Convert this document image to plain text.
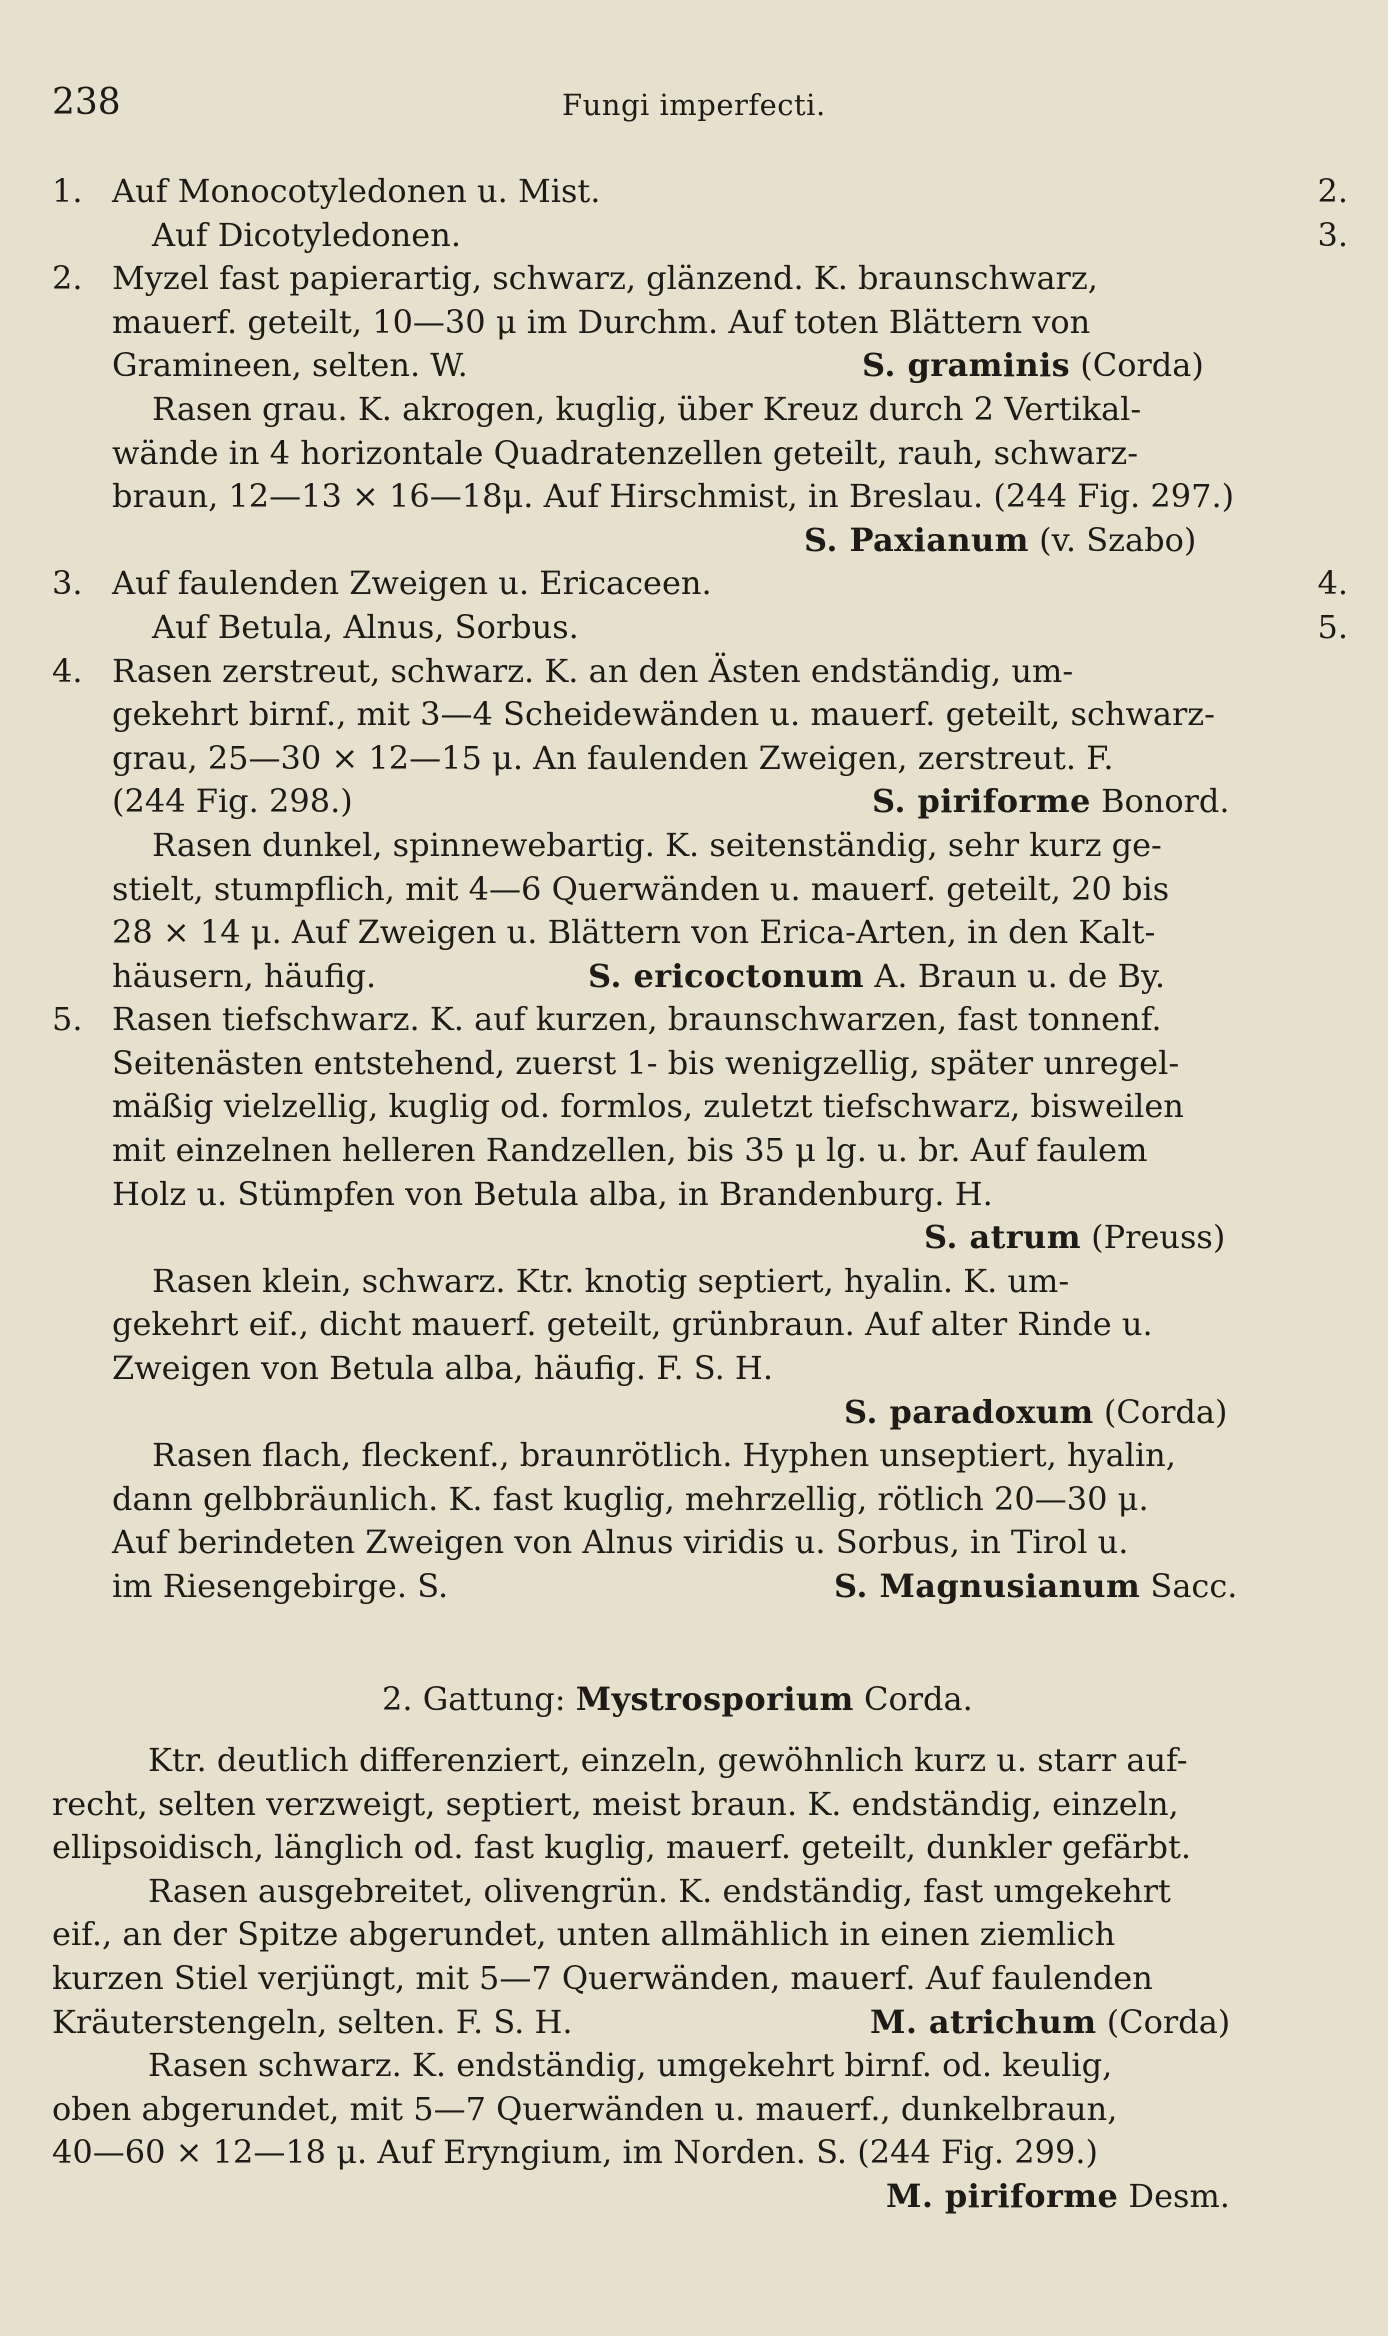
238	Fungi imperfecti.
1. Auf Monocotyledonen u. Mist.	2.
Auf Dicotyledonen.	3.
2. Myzel fast papierartig, schwarz, glänzend. K. braunschwarz,
mauerf. geteilt, 10—30 μ im Durchm. Auf toten Blättern von
Gramineen, selten. W.	S. graminis (Corda)
Rasen grau. K. akrogen, kuglig, über Kreuz durch 2 Vertikal-
wände in 4 horizontale Quadratenzellen geteilt, rauh, schwarz-
braun, 12—13 × 16—18μ. Auf Hirschmist, in Breslau. (244 Fig. 297.)
S. Paxianum (v. Szabo)
3. Auf faulenden Zweigen u. Ericaceen.	4.
Auf Betula, Alnus, Sorbus.	5.
4. Rasen zerstreut, schwarz. K. an den Ästen endständig, um-
gekehrt birnf., mit 3—4 Scheidewänden u. mauerf. geteilt, schwarz-
grau, 25—30 × 12—15 μ. An faulenden Zweigen, zerstreut. F.
(244 Fig. 298.)	S. piriforme Bonord.
Rasen dunkel, spinnewebartig. K. seitenständig, sehr kurz ge-
stielt, stumpflich, mit 4—6 Querwänden u. mauerf. geteilt, 20 bis
28 × 14 μ. Auf Zweigen u. Blättern von Erica-Arten, in den Kalt-
häusern, häufig.	S. ericoctonum A. Braun u. de By.
5. Rasen tiefschwarz. K. auf kurzen, braunschwarzen, fast tonnenf.
Seitenästen entstehend, zuerst 1- bis wenigzellig, später unregel-
mäßig vielzellig, kuglig od. formlos, zuletzt tiefschwarz, bisweilen
mit einzelnen helleren Randzellen, bis 35 μ lg. u. br. Auf faulem
Holz u. Stümpfen von Betula alba, in Brandenburg. H.
S. atrum (Preuss)
Rasen klein, schwarz. Ktr. knotig septiert, hyalin. K. um-
gekehrt eif., dicht mauerf. geteilt, grünbraun. Auf alter Rinde u.
Zweigen von Betula alba, häufig. F. S. H.
S. paradoxum (Corda)
Rasen flach, fleckenf., braunrötlich. Hyphen unseptiert, hyalin,
dann gelbbräunlich. K. fast kuglig, mehrzellig, rötlich 20—30 μ.
Auf berindeten Zweigen von Alnus viridis u. Sorbus, in Tirol u.
im Riesengebirge. S.	S. Magnusianum Sacc.
2. Gattung: Mystrosporium Corda.
Ktr. deutlich differenziert, einzeln, gewöhnlich kurz u. starr auf-
recht, selten verzweigt, septiert, meist braun. K. endständig, einzeln,
ellipsoidisch, länglich od. fast kuglig, mauerf. geteilt, dunkler gefärbt.
Rasen ausgebreitet, olivengrün. K. endständig, fast umgekehrt
eif., an der Spitze abgerundet, unten allmählich in einen ziemlich
kurzen Stiel verjüngt, mit 5—7 Querwänden, mauerf. Auf faulenden
Kräuterstengeln, selten. F. S. H.	M. atrichum (Corda)
Rasen schwarz. K. endständig, umgekehrt birnf. od. keulig,
oben abgerundet, mit 5—7 Querwänden u. mauerf., dunkelbraun,
40—60 × 12—18 μ. Auf Eryngium, im Norden. S. (244 Fig. 299.)
M. piriforme Desm.
